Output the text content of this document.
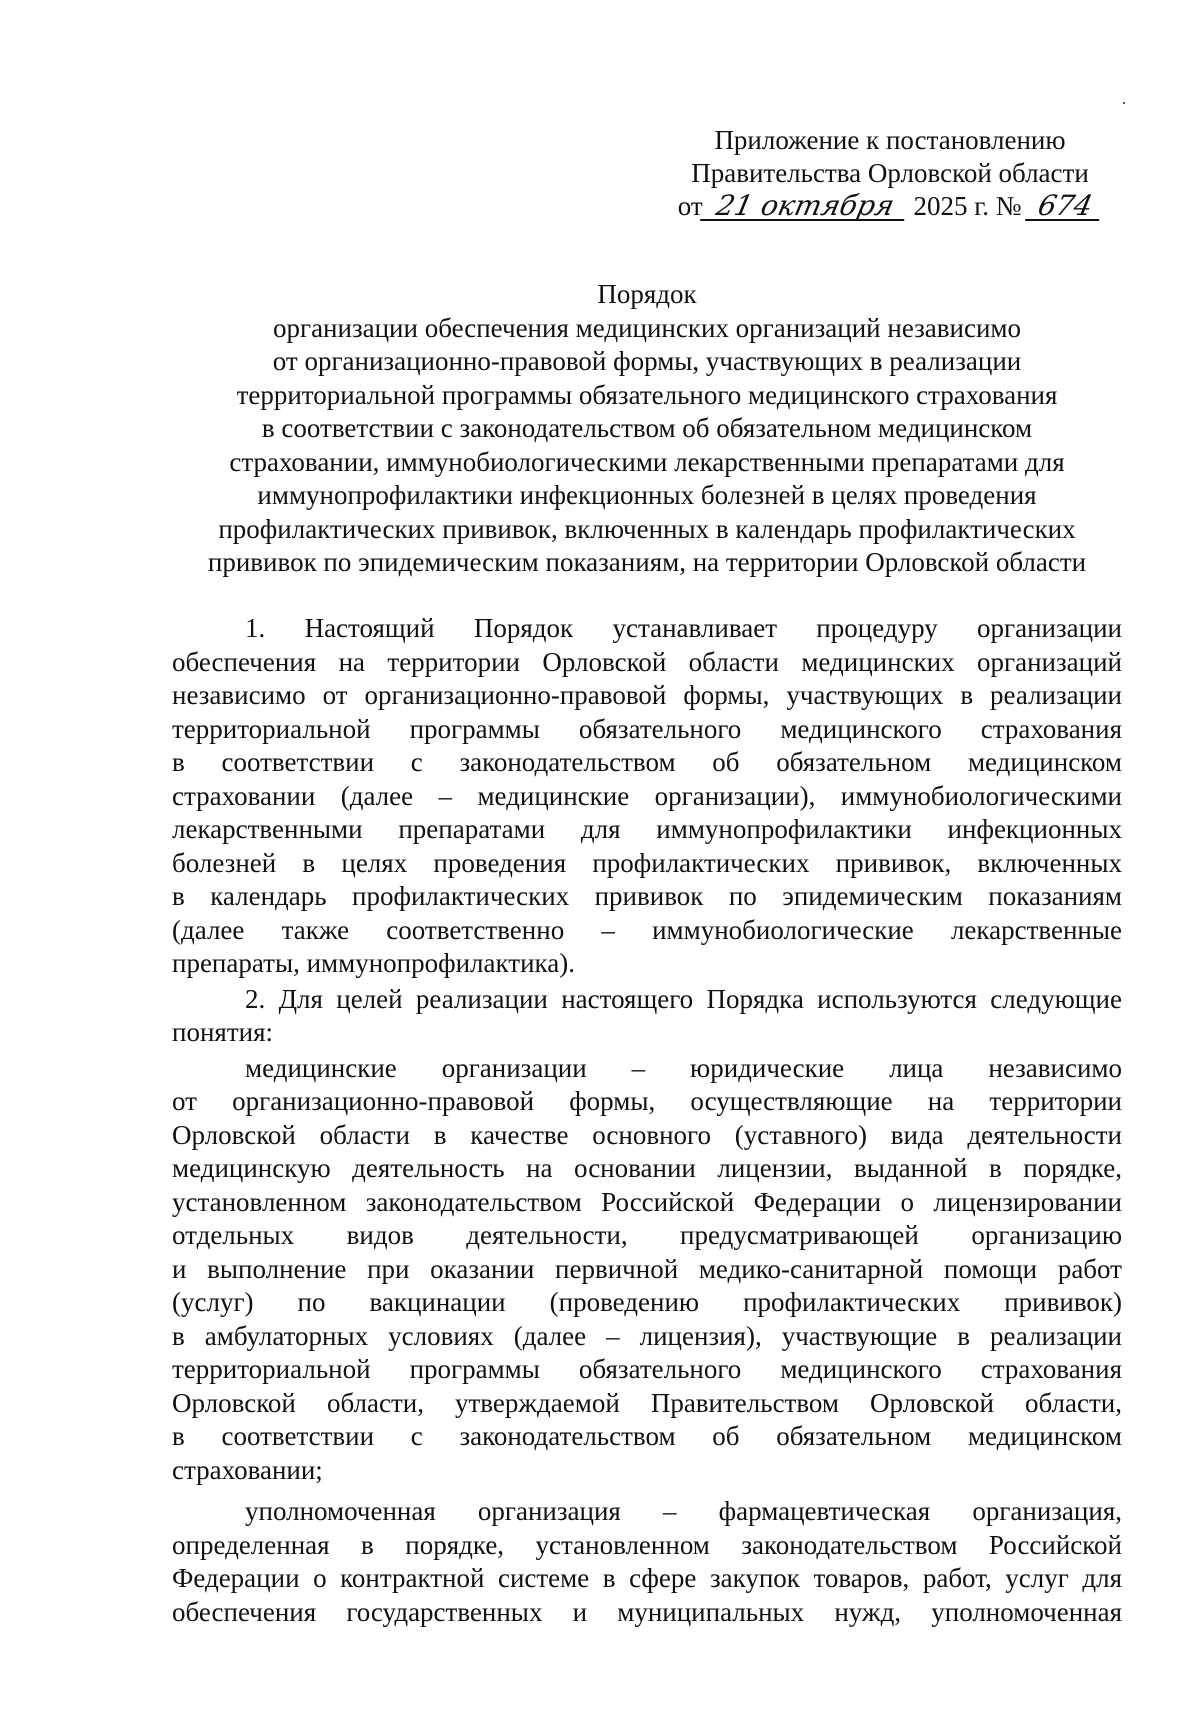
Приложение к постановлению
Правительства Орловской области
от 21 октября 2025 г. № 674
Порядок
организации обеспечения медицинских организаций независимо
от организационно-правовой формы, участвующих в реализации
территориальной программы обязательного медицинского страхования
в соответствии с законодательством об обязательном медицинском
страховании, иммунобиологическими лекарственными препаратами для
иммунопрофилактики инфекционных болезней в целях проведения
профилактических прививок, включенных в календарь профилактических
прививок по эпидемическим показаниям, на территории Орловской области
1. Настоящий Порядок устанавливает процедуру организации
обеспечения на территории Орловской области медицинских организаций
независимо от организационно-правовой формы, участвующих в реализации
территориальной программы обязательного медицинского страхования
в соответствии с законодательством об обязательном медицинском
страховании (далее – медицинские организации), иммунобиологическими
лекарственными препаратами для иммунопрофилактики инфекционных
болезней в целях проведения профилактических прививок, включенных
в календарь профилактических прививок по эпидемическим показаниям
(далее также соответственно – иммунобиологические лекарственные
препараты, иммунопрофилактика).
2. Для целей реализации настоящего Порядка используются следующие
понятия:
медицинские организации – юридические лица независимо
от организационно-правовой формы, осуществляющие на территории
Орловской области в качестве основного (уставного) вида деятельности
медицинскую деятельность на основании лицензии, выданной в порядке,
установленном законодательством Российской Федерации о лицензировании
отдельных видов деятельности, предусматривающей организацию
и выполнение при оказании первичной медико-санитарной помощи работ
(услуг) по вакцинации (проведению профилактических прививок)
в амбулаторных условиях (далее – лицензия), участвующие в реализации
территориальной программы обязательного медицинского страхования
Орловской области, утверждаемой Правительством Орловской области,
в соответствии с законодательством об обязательном медицинском
страховании;
уполномоченная организация – фармацевтическая организация,
определенная в порядке, установленном законодательством Российской
Федерации о контрактной системе в сфере закупок товаров, работ, услуг для
обеспечения государственных и муниципальных нужд, уполномоченная
